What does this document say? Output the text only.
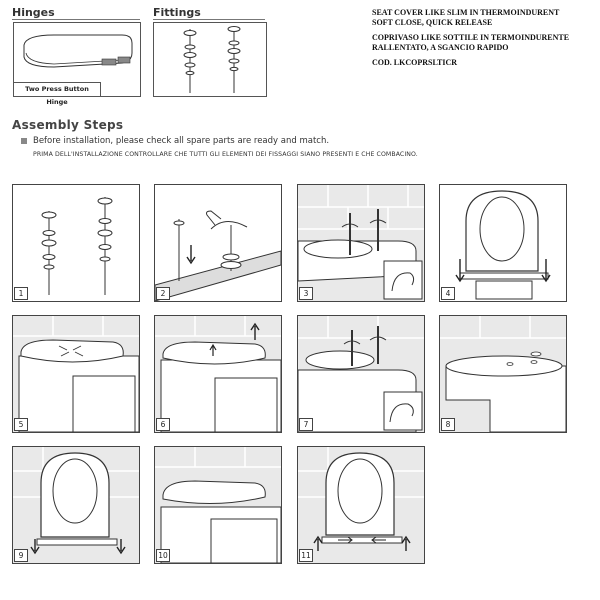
Hinges
Two Press Button Hinge
Fittings	SEAT COVER LIKE SLIM IN THERMOINDURENT
SOFT CLOSE, QUICK RELEASE
COPRIVASO LIKE SOTTILE IN TERMOINDURENTE
RALLENTATO, A SGANCIO RAPIDO
COD. LKCOPRSLTICR
Assembly Steps
Before installation, please check all spare parts are ready and match.
PRIMA DELL'INSTALLAZIONE CONTROLLARE CHE TUTTI GLI ELEMENTI DEI FISSAGGI SIANO PRESENTI E CHE COMBACINO.
1	2	3	4
5	6	7	8
9	10	11
